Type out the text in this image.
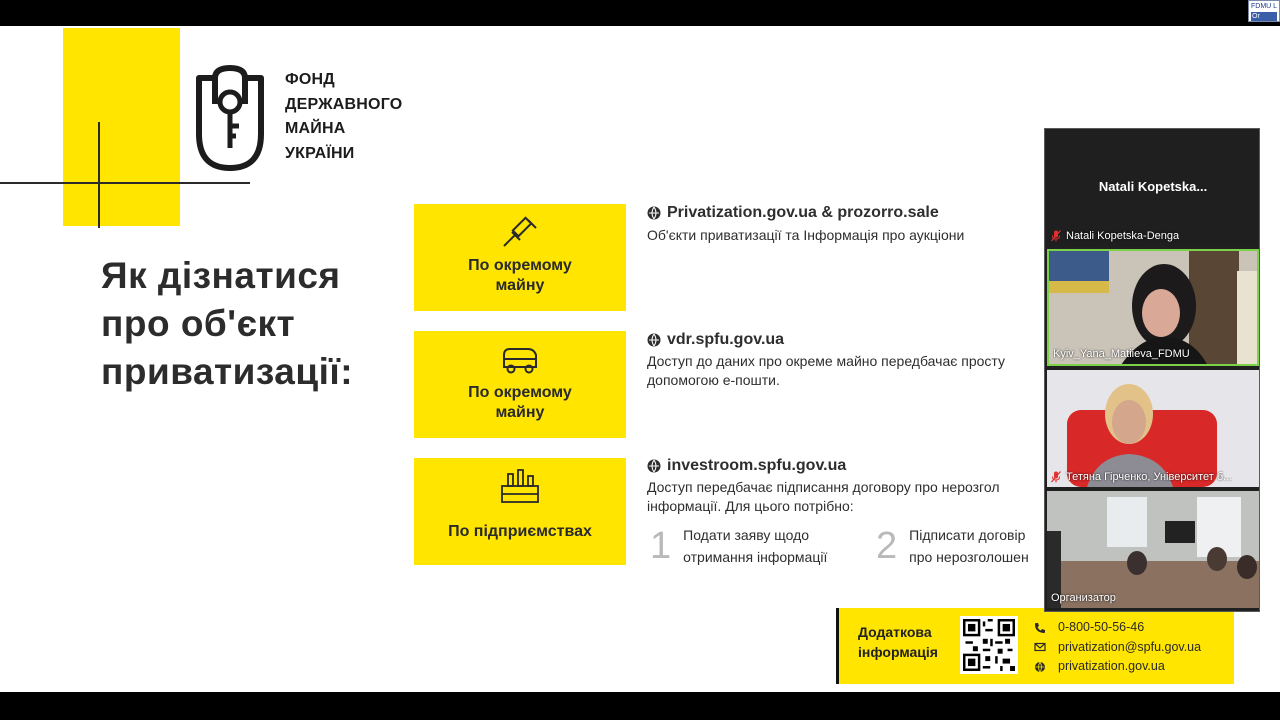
FDMU L
Or
ФОНД
ДЕРЖАВНОГО
МАЙНА
УКРАЇНИ
Як дізнатися
про об'єкт
приватизації:
По окремому
майну
По окремому
майну
По підприємствах
Privatization.gov.ua & prozorro.sale
Об'єкти приватизації та Інформація про аукціони
vdr.spfu.gov.ua
Доступ до даних про окреме майно передбачає просту
допомогою е-пошти.
investroom.spfu.gov.ua
Доступ передбачає підписання договору про нерозгол
інформації. Для цього потрібно:
1 Подати заяву щодо
отримання інформації 2 Підписати договір
про нерозголошен
Додаткова
інформація
0-800-50-56-46
privatization@spfu.gov.ua
privatization.gov.ua
Natali Kopetska...
Natali Kopetska-Denga
Kyiv_Yana_Matiieva_FDMU
Тетяна Гірченко, Університет б...
Организатор
